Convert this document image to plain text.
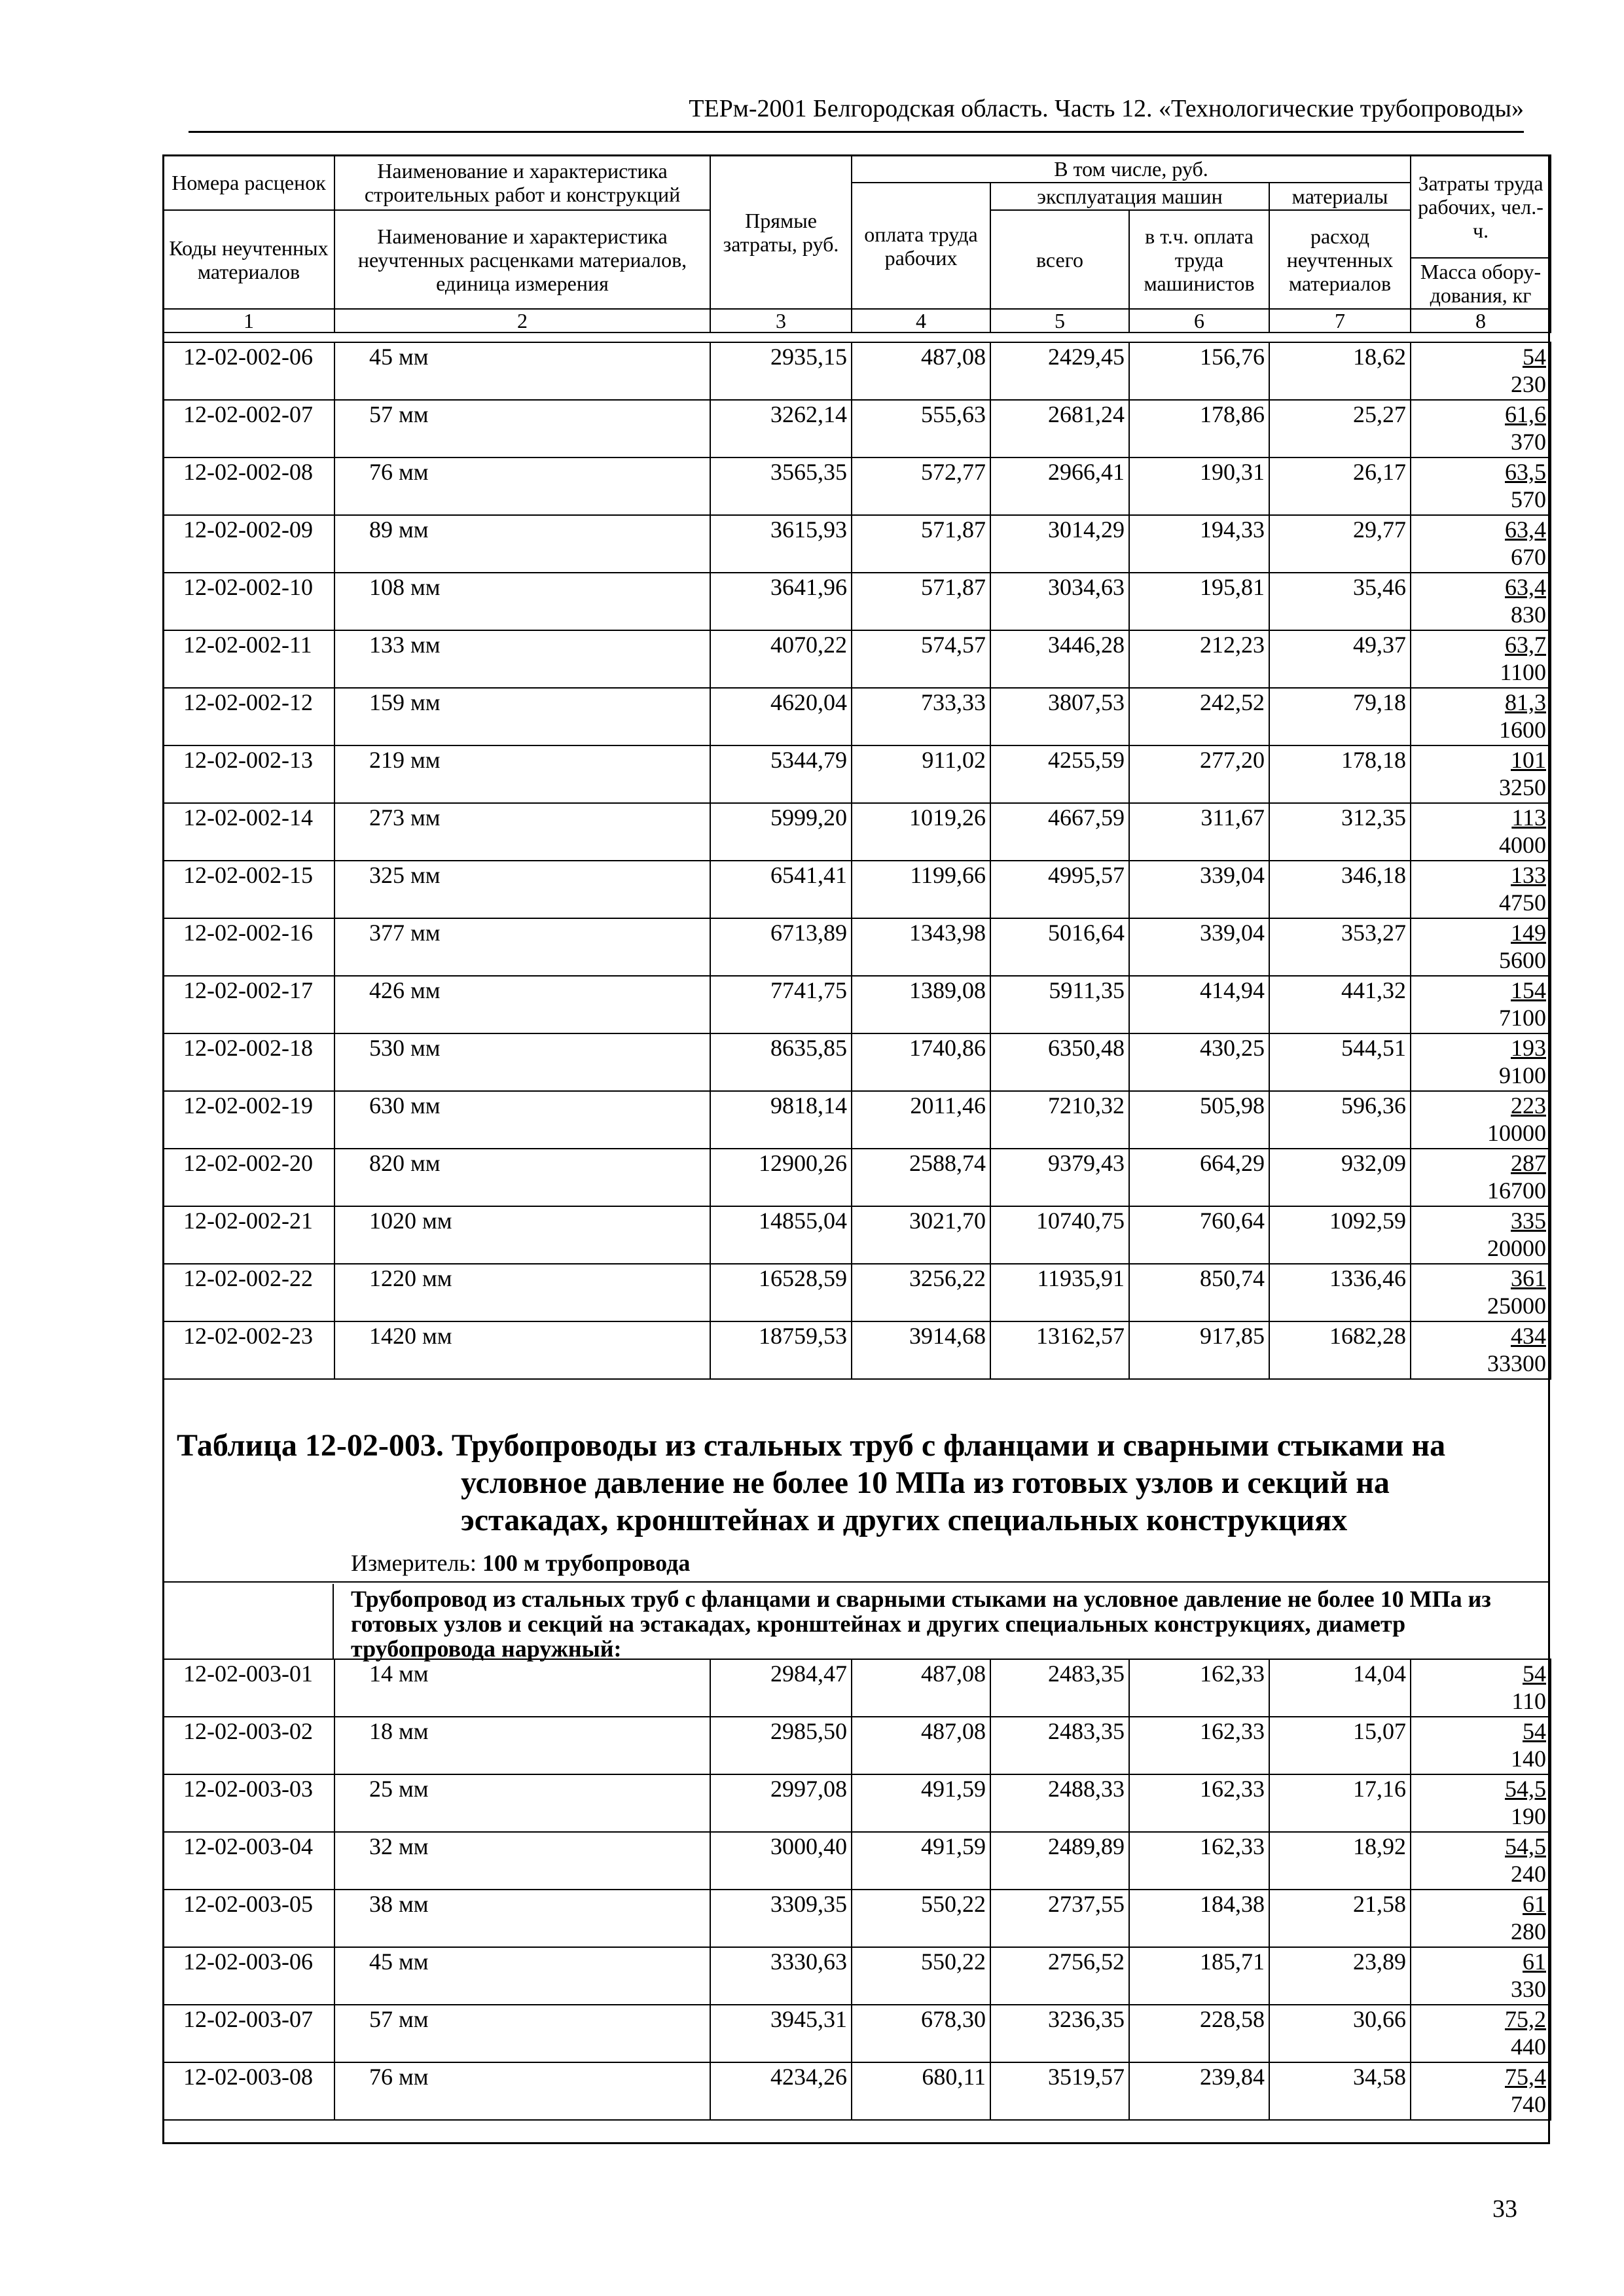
ТЕРм-2001 Белгородская область. Часть 12. «Технологические трубопроводы»
Номера расценок	Наименование и характеристика строительных работ и конструкций	Прямые затраты, руб.	В том числе, руб.				Затраты труда рабочих, чел.-ч.
			оплата труда рабочих	эксплуатация машин		материалы	
Коды неучтенных материалов	Наименование и характеристика неучтенных расценками материалов, единица измерения			всего	в т.ч. оплата труда машинистов	расход неучтенных материалов	

							Масса обору-дования, кг
1	2	3	4	5	6	7	8
12-02-002-06	45 мм	2935,15	487,08	2429,45	156,76	18,62	54
230

12-02-002-07	57 мм	3262,14	555,63	2681,24	178,86	25,27	61,6
370

12-02-002-08	76 мм	3565,35	572,77	2966,41	190,31	26,17	63,5
570

12-02-002-09	89 мм	3615,93	571,87	3014,29	194,33	29,77	63,4
670

12-02-002-10	108 мм	3641,96	571,87	3034,63	195,81	35,46	63,4
830

12-02-002-11	133 мм	4070,22	574,57	3446,28	212,23	49,37	63,7
1100

12-02-002-12	159 мм	4620,04	733,33	3807,53	242,52	79,18	81,3
1600

12-02-002-13	219 мм	5344,79	911,02	4255,59	277,20	178,18	101
3250

12-02-002-14	273 мм	5999,20	1019,26	4667,59	311,67	312,35	113
4000

12-02-002-15	325 мм	6541,41	1199,66	4995,57	339,04	346,18	133
4750

12-02-002-16	377 мм	6713,89	1343,98	5016,64	339,04	353,27	149
5600

12-02-002-17	426 мм	7741,75	1389,08	5911,35	414,94	441,32	154
7100

12-02-002-18	530 мм	8635,85	1740,86	6350,48	430,25	544,51	193
9100

12-02-002-19	630 мм	9818,14	2011,46	7210,32	505,98	596,36	223
10000

12-02-002-20	820 мм	12900,26	2588,74	9379,43	664,29	932,09	287
16700

12-02-002-21	1020 мм	14855,04	3021,70	10740,75	760,64	1092,59	335
20000

12-02-002-22	1220 мм	16528,59	3256,22	11935,91	850,74	1336,46	361
25000

12-02-002-23	1420 мм	18759,53	3914,68	13162,57	917,85	1682,28	434
33300
Таблица 12-02-003. Трубопроводы из стальных труб с фланцами и сварными стыками на
условное давление не более 10 МПа из готовых узлов и секций на
эстакадах, кронштейнах и других специальных конструкциях
Измеритель: 100 м трубопровода
Трубопровод из стальных труб с фланцами и сварными стыками на условное давление не более 10 МПа из готовых узлов и секций на эстакадах, кронштейнах и других специальных конструкциях, диаметр трубопровода наружный:
12-02-003-01	14 мм	2984,47	487,08	2483,35	162,33	14,04	54
110

12-02-003-02	18 мм	2985,50	487,08	2483,35	162,33	15,07	54
140

12-02-003-03	25 мм	2997,08	491,59	2488,33	162,33	17,16	54,5
190

12-02-003-04	32 мм	3000,40	491,59	2489,89	162,33	18,92	54,5
240

12-02-003-05	38 мм	3309,35	550,22	2737,55	184,38	21,58	61
280

12-02-003-06	45 мм	3330,63	550,22	2756,52	185,71	23,89	61
330

12-02-003-07	57 мм	3945,31	678,30	3236,35	228,58	30,66	75,2
440

12-02-003-08	76 мм	4234,26	680,11	3519,57	239,84	34,58	75,4
740
33
